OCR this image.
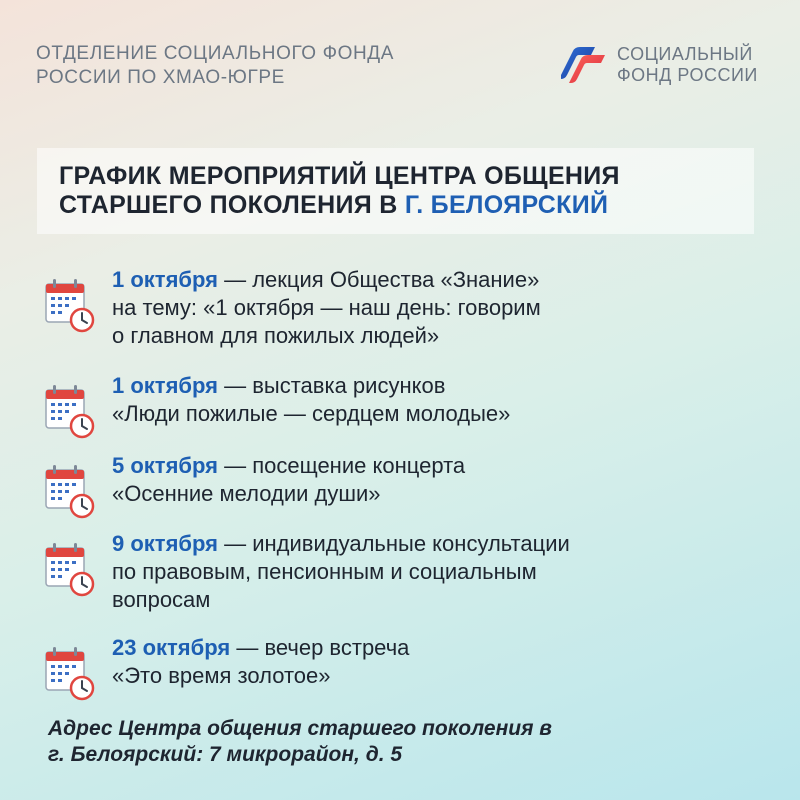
ОТДЕЛЕНИЕ СОЦИАЛЬНОГО ФОНДА
РОССИИ ПО ХМАО-ЮГРЕ
СОЦИАЛЬНЫЙ
ФОНД РОССИИ
ГРАФИК МЕРОПРИЯТИЙ ЦЕНТРА ОБЩЕНИЯ
СТАРШЕГО ПОКОЛЕНИЯ В Г. БЕЛОЯРСКИЙ
1 октября — лекция Общества «Знание»
на тему: «1 октября — наш день: говорим
о главном для пожилых людей»
1 октября — выставка рисунков
«Люди пожилые — сердцем молодые»
5 октября — посещение концерта
«Осенние мелодии души»
9 октября — индивидуальные консультации
по правовым, пенсионным и социальным
вопросам
23 октября — вечер встреча
«Это время золотое»
Адрес Центра общения старшего поколения в
г. Белоярский: 7 микрорайон, д. 5
